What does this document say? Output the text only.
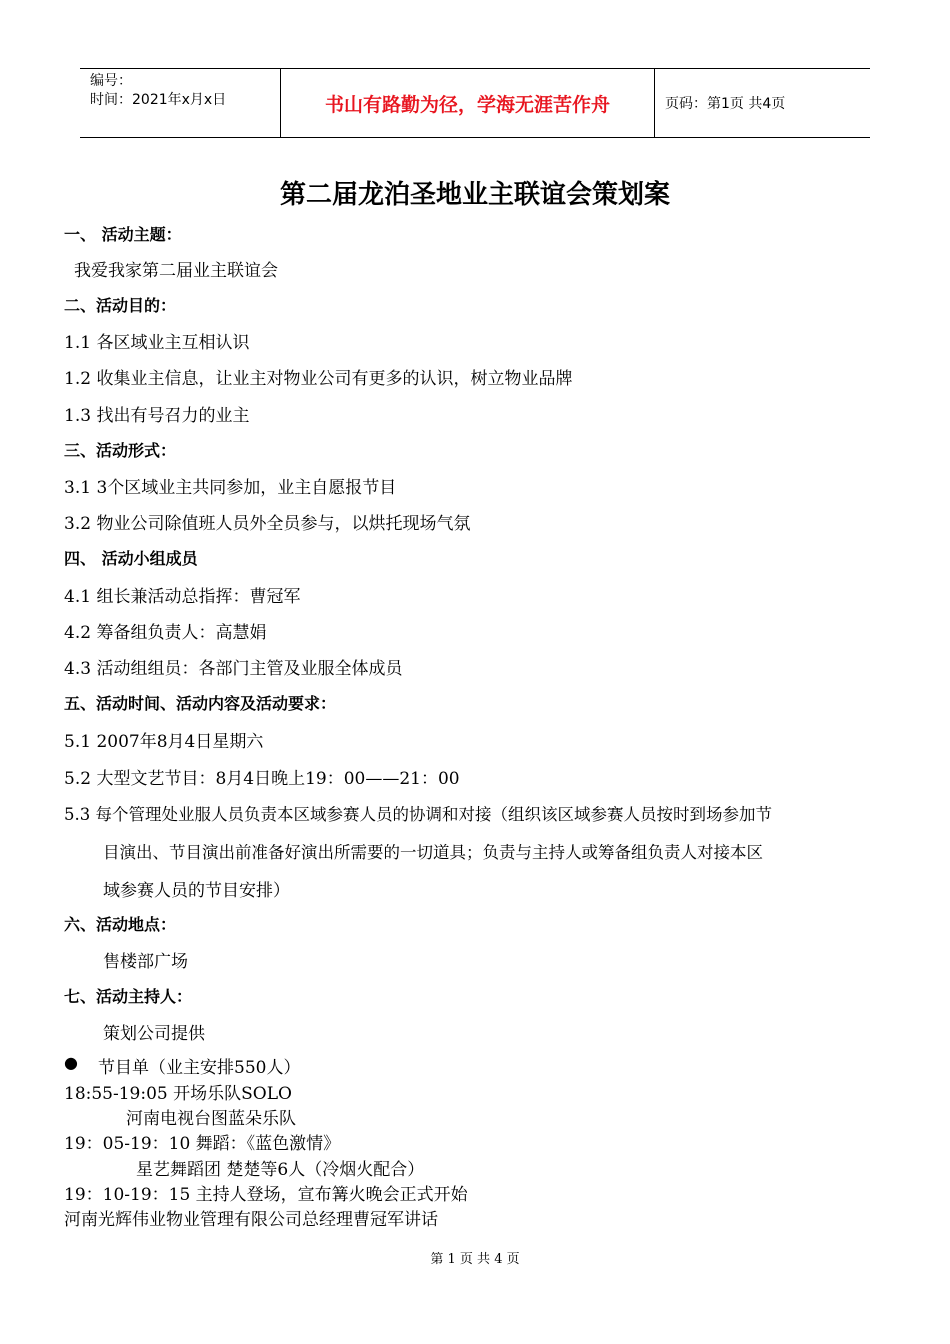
编号：
时间：2021年x月x日	书山有路勤为径，学海无涯苦作舟	页码：第1页 共4页
第二届龙泊圣地业主联谊会策划案
一、 活动主题：
我爱我家第二届业主联谊会
二、活动目的：
1.1 各区域业主互相认识
1.2 收集业主信息，让业主对物业公司有更多的认识，树立物业品牌
1.3 找出有号召力的业主
三、活动形式：
3.1 3个区域业主共同参加，业主自愿报节目
3.2 物业公司除值班人员外全员参与，以烘托现场气氛
四、 活动小组成员
4.1 组长兼活动总指挥：曹冠军
4.2 筹备组负责人：高慧娟
4.3 活动组组员：各部门主管及业服全体成员
五、活动时间、活动内容及活动要求：
5.1 2007年8月4日星期六
5.2 大型文艺节目：8月4日晚上19：00——21：00
5.3 每个管理处业服人员负责本区域参赛人员的协调和对接（组织该区域参赛人员按时到场参加节
目演出、节目演出前准备好演出所需要的一切道具；负责与主持人或筹备组负责人对接本区
域参赛人员的节目安排）
六、活动地点：
售楼部广场
七、活动主持人：
策划公司提供
● 节目单（业主安排550人）
18:55-19:05 开场乐队SOLO
河南电视台图蓝朵乐队
19：05-19：10 舞蹈：《蓝色激情》
星艺舞蹈团 楚楚等6人（冷烟火配合）
19：10-19：15 主持人登场，宣布篝火晚会正式开始
河南光辉伟业物业管理有限公司总经理曹冠军讲话
第 1 页 共 4 页
